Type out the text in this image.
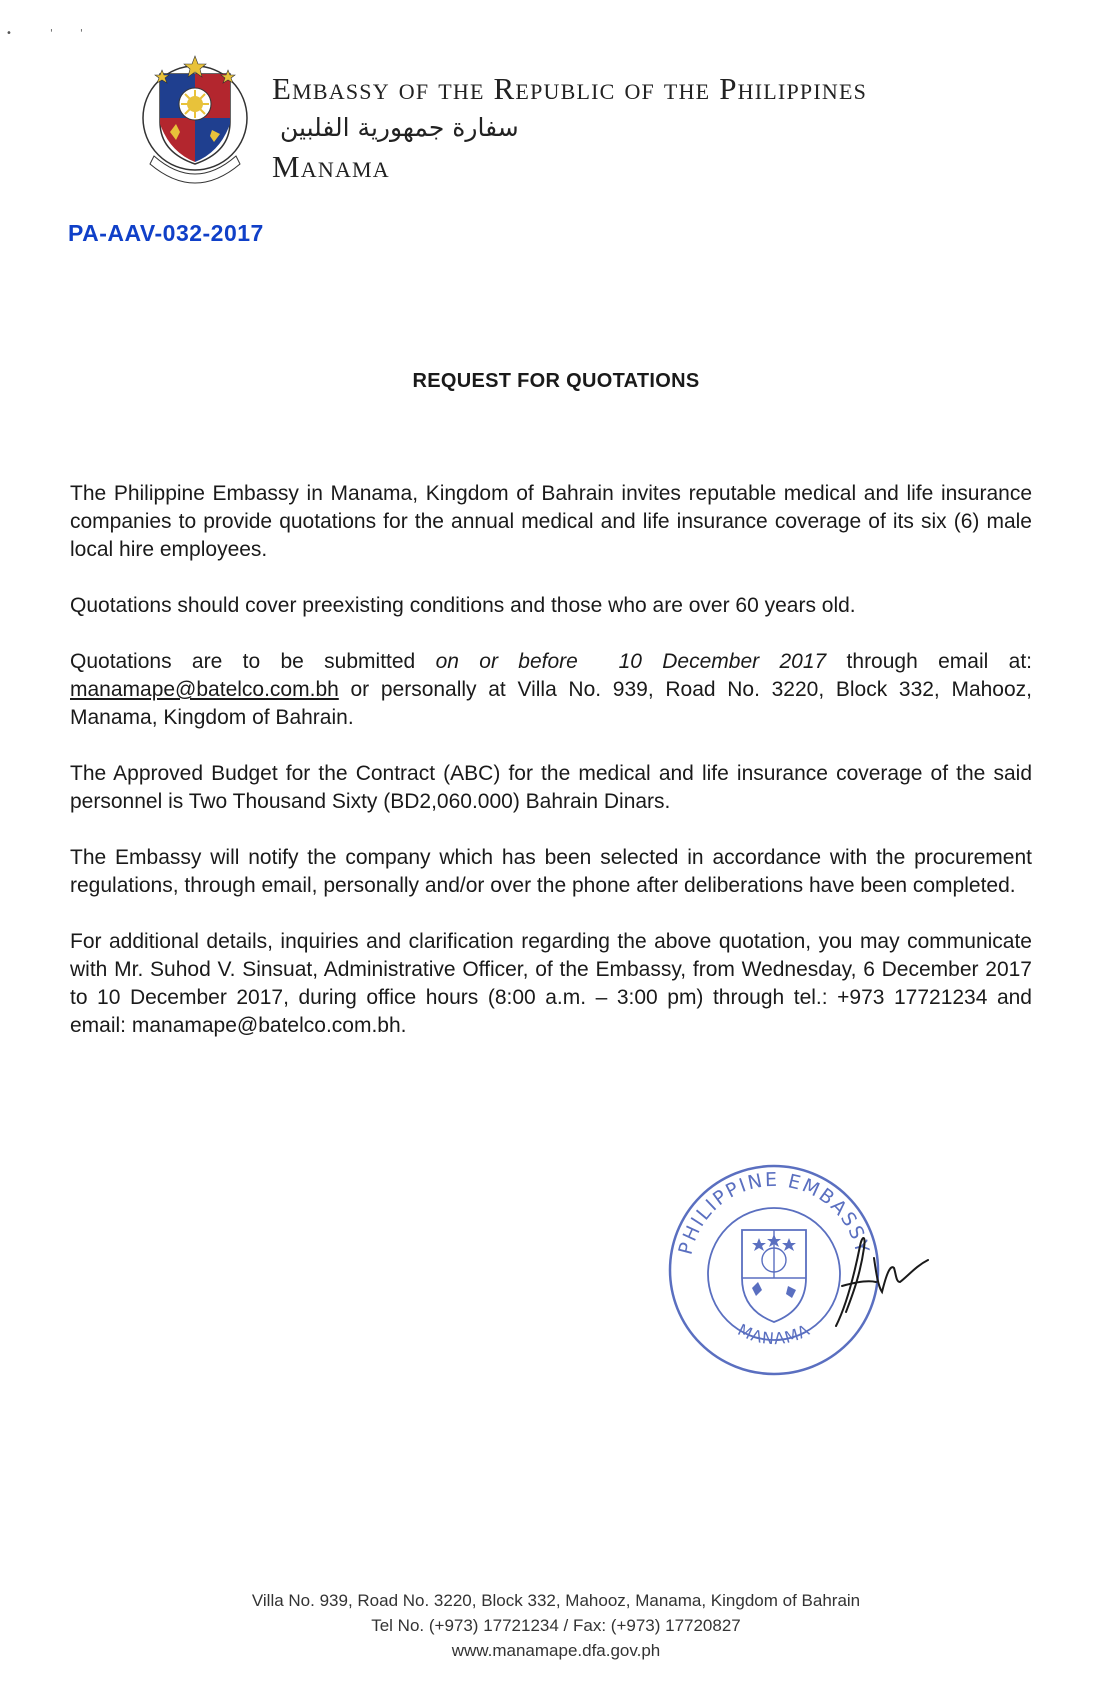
•	'	'
Embassy of the Republic of the Philippines
سفارة جمهورية الفلبين
Manama
PA-AAV-032-2017
REQUEST FOR QUOTATIONS

The Philippine Embassy in Manama, Kingdom of Bahrain invites reputable medical and life insurance companies to provide quotations for the annual medical and life insurance coverage of its six (6) male local hire employees.

Quotations should cover preexisting conditions and those who are over 60 years old.

Quotations are to be submitted on or before 10 December 2017 through email at: manamape@batelco.com.bh or personally at Villa No. 939, Road No. 3220, Block 332, Mahooz, Manama, Kingdom of Bahrain.

The Approved Budget for the Contract (ABC) for the medical and life insurance coverage of the said personnel is Two Thousand Sixty (BD2,060.000) Bahrain Dinars.

The Embassy will notify the company which has been selected in accordance with the procurement regulations, through email, personally and/or over the phone after deliberations have been completed.

For additional details, inquiries and clarification regarding the above quotation, you may communicate with Mr. Suhod V. Sinsuat, Administrative Officer, of the Embassy, from Wednesday, 6 December 2017 to 10 December 2017, during office hours (8:00 a.m. – 3:00 pm) through tel.: +973 17721234 and email: manamape@batelco.com.bh.

PHILIPPINE EMBASSY
MANAMA
Villa No. 939, Road No. 3220, Block 332, Mahooz, Manama, Kingdom of Bahrain
Tel No. (+973) 17721234 / Fax: (+973) 17720827
www.manamape.dfa.gov.ph
